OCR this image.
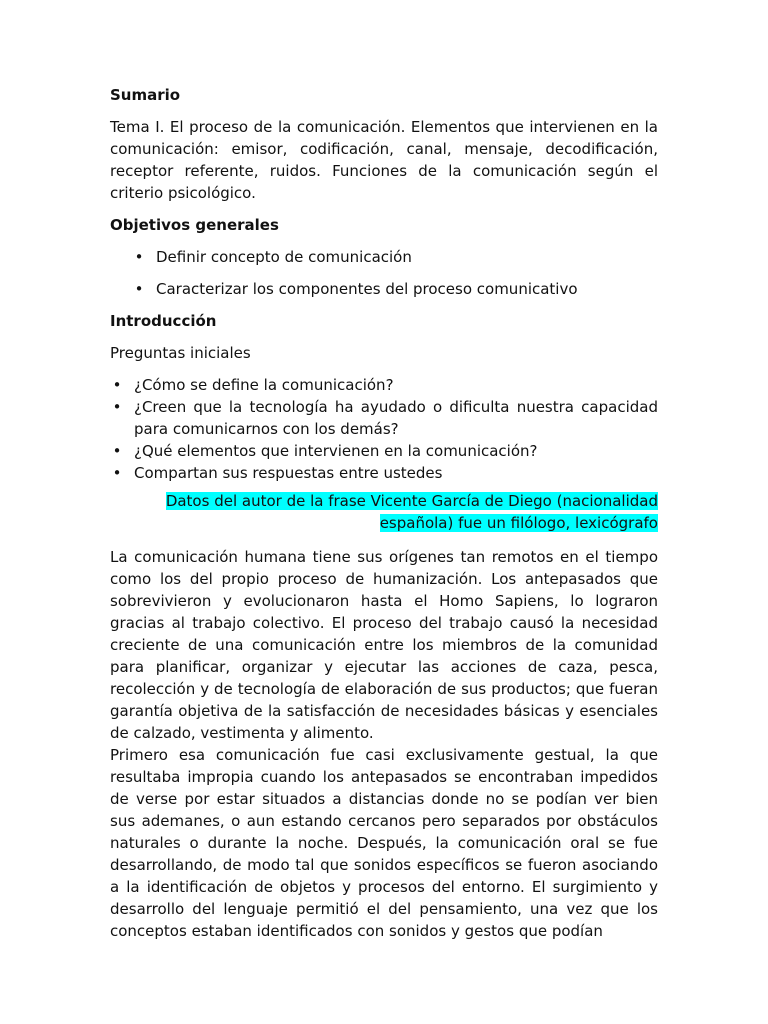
Sumario

Tema I. El proceso de la comunicación. Elementos que intervienen en la comunicación: emisor, codificación, canal, mensaje, decodificación, receptor referente, ruidos. Funciones de la comunicación según el criterio psicológico.

Objetivos generales

• Definir concepto de comunicación
• Caracterizar los componentes del proceso comunicativo

Introducción

Preguntas iniciales

• ¿Cómo se define la comunicación?
• ¿Creen que la tecnología ha ayudado o dificulta nuestra capacidad para comunicarnos con los demás?
• ¿Qué elementos que intervienen en la comunicación?
• Compartan sus respuestas entre ustedes
Datos del autor de la frase Vicente García de Diego (nacionalidad
española) fue un filólogo, lexicógrafo

La comunicación humana tiene sus orígenes tan remotos en el tiempo como los del propio proceso de humanización. Los antepasados que sobrevivieron y evolucionaron hasta el Homo Sapiens, lo lograron gracias al trabajo colectivo. El proceso del trabajo causó la necesidad creciente de una comunicación entre los miembros de la comunidad para planificar, organizar y ejecutar las acciones de caza, pesca, recolección y de tecnología de elaboración de sus productos; que fueran garantía objetiva de la satisfacción de necesidades básicas y esenciales de calzado, vestimenta y alimento.

Primero esa comunicación fue casi exclusivamente gestual, la que resultaba impropia cuando los antepasados se encontraban impedidos de verse por estar situados a distancias donde no se podían ver bien sus ademanes, o aun estando cercanos pero separados por obstáculos naturales o durante la noche. Después, la comunicación oral se fue desarrollando, de modo tal que sonidos específicos se fueron asociando a la identificación de objetos y procesos del entorno. El surgimiento y desarrollo del lenguaje permitió el del pensamiento, una vez que los conceptos estaban identificados con sonidos y gestos que podían
